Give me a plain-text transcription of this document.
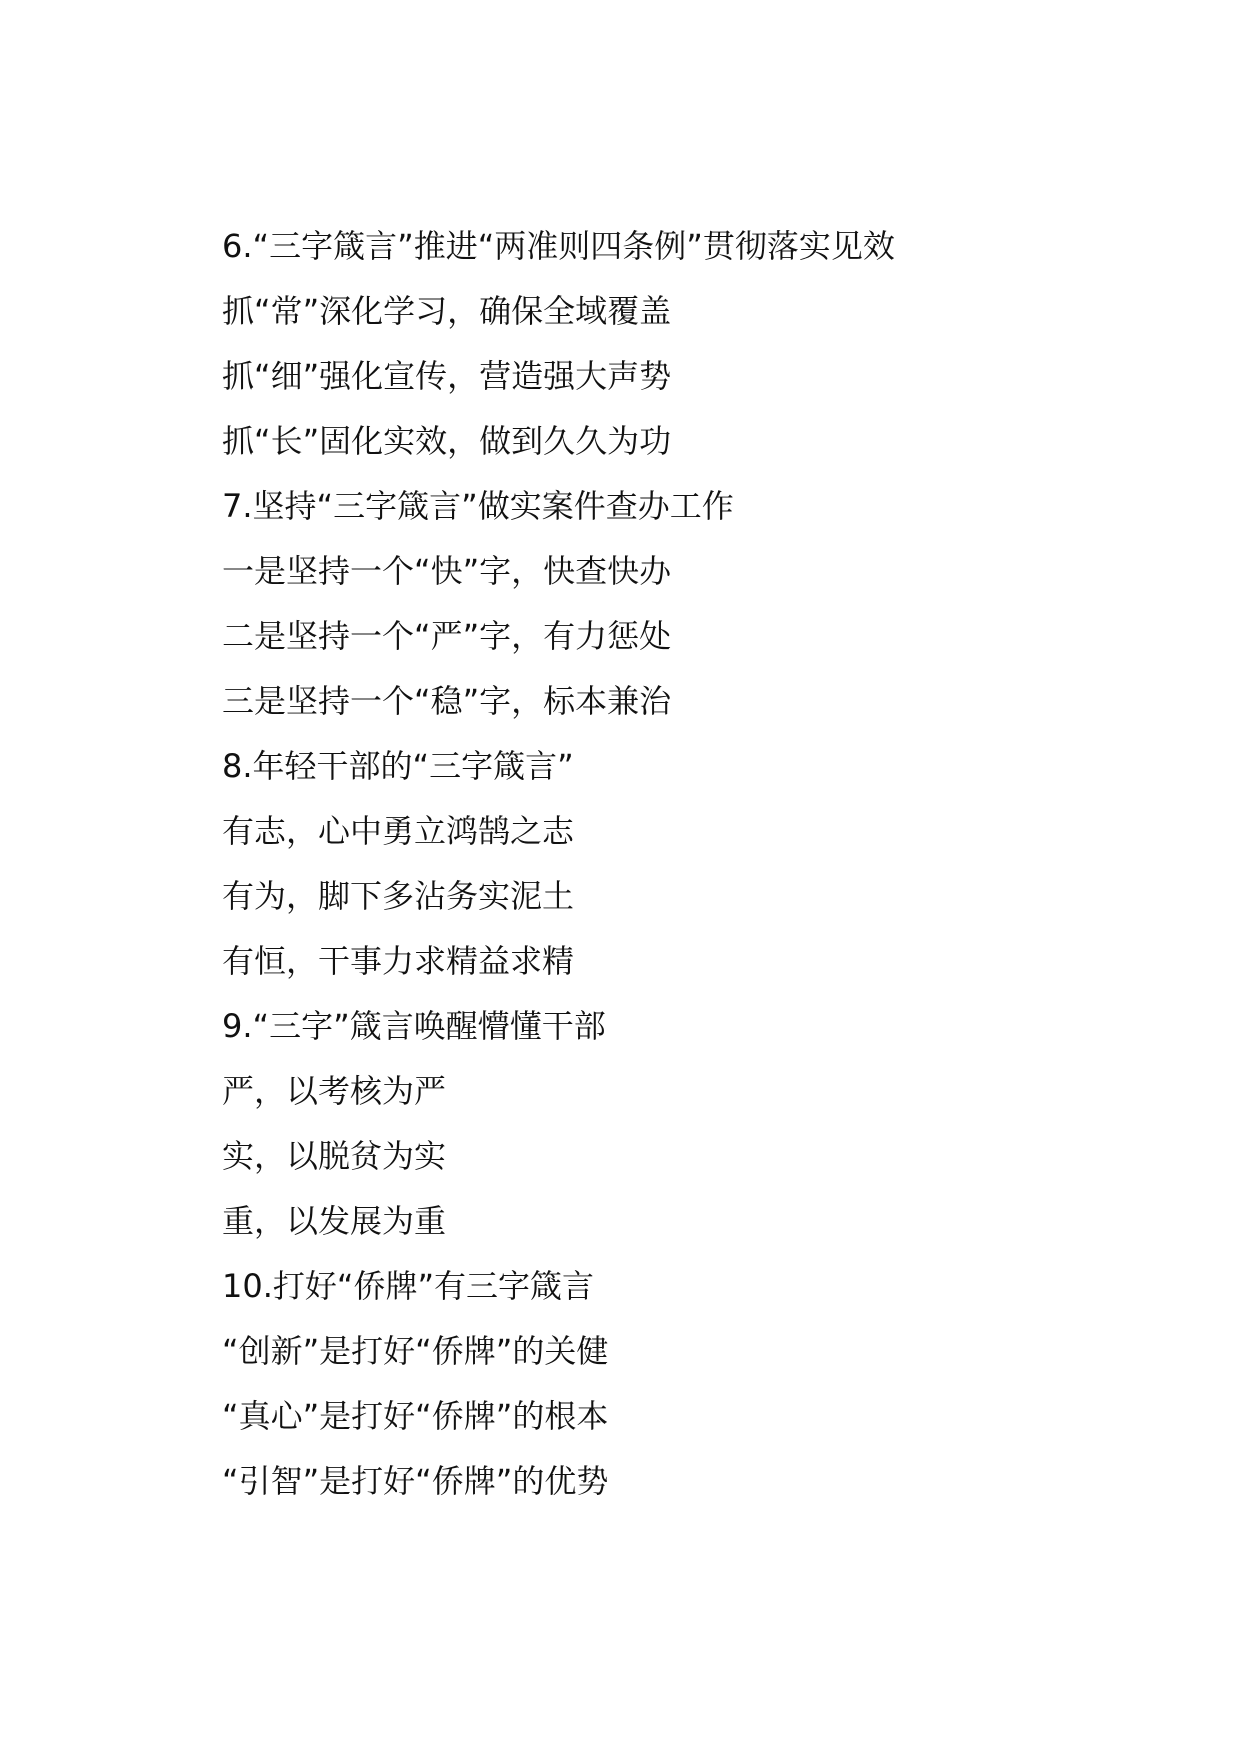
6.“三字箴言”推进“两准则四条例”贯彻落实见效
抓“常”深化学习，确保全域覆盖
抓“细”强化宣传，营造强大声势
抓“长”固化实效，做到久久为功
7.坚持“三字箴言”做实案件查办工作
一是坚持一个“快”字，快查快办
二是坚持一个“严”字，有力惩处
三是坚持一个“稳”字，标本兼治
8.年轻干部的“三字箴言”
有志，心中勇立鸿鹄之志
有为，脚下多沾务实泥土
有恒，干事力求精益求精
9.“三字”箴言唤醒懵懂干部
严，以考核为严
实，以脱贫为实
重，以发展为重
10.打好“侨牌”有三字箴言
“创新”是打好“侨牌”的关健
“真心”是打好“侨牌”的根本
“引智”是打好“侨牌”的优势
